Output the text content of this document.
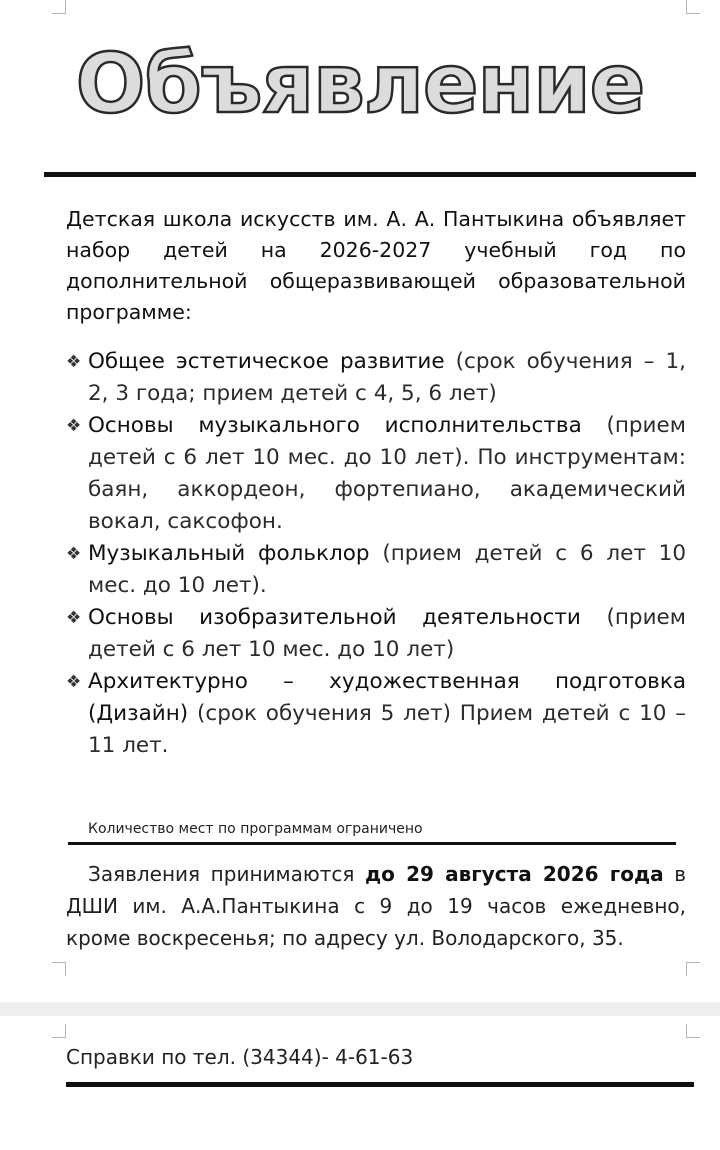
Объявление

Детская школа искусств им. А. А. Пантыкина объявляет набор детей на 2026-2027 учебный год по дополнительной общеразвивающей образовательной программе:

❖ Общее эстетическое развитие (срок обучения – 1, 2, 3 года; прием детей с 4, 5, 6 лет)
❖ Основы музыкального исполнительства (прием детей с 6 лет 10 мес. до 10 лет). По инструментам: баян, аккордеон, фортепиано, академический вокал, саксофон.
❖ Музыкальный фольклор (прием детей с 6 лет 10 мес. до 10 лет).
❖ Основы изобразительной деятельности (прием детей с 6 лет 10 мес. до 10 лет)
❖ Архитектурно – художественная подготовка (Дизайн) (срок обучения 5 лет) Прием детей с 10 – 11 лет.
Количество мест по программам ограничено

Заявления принимаются до 29 августа 2026 года в ДШИ им. А.А.Пантыкина с 9 до 19 часов ежедневно, кроме воскресенья; по адресу ул. Володарского, 35.

Справки по тел. (34344)- 4-61-63
